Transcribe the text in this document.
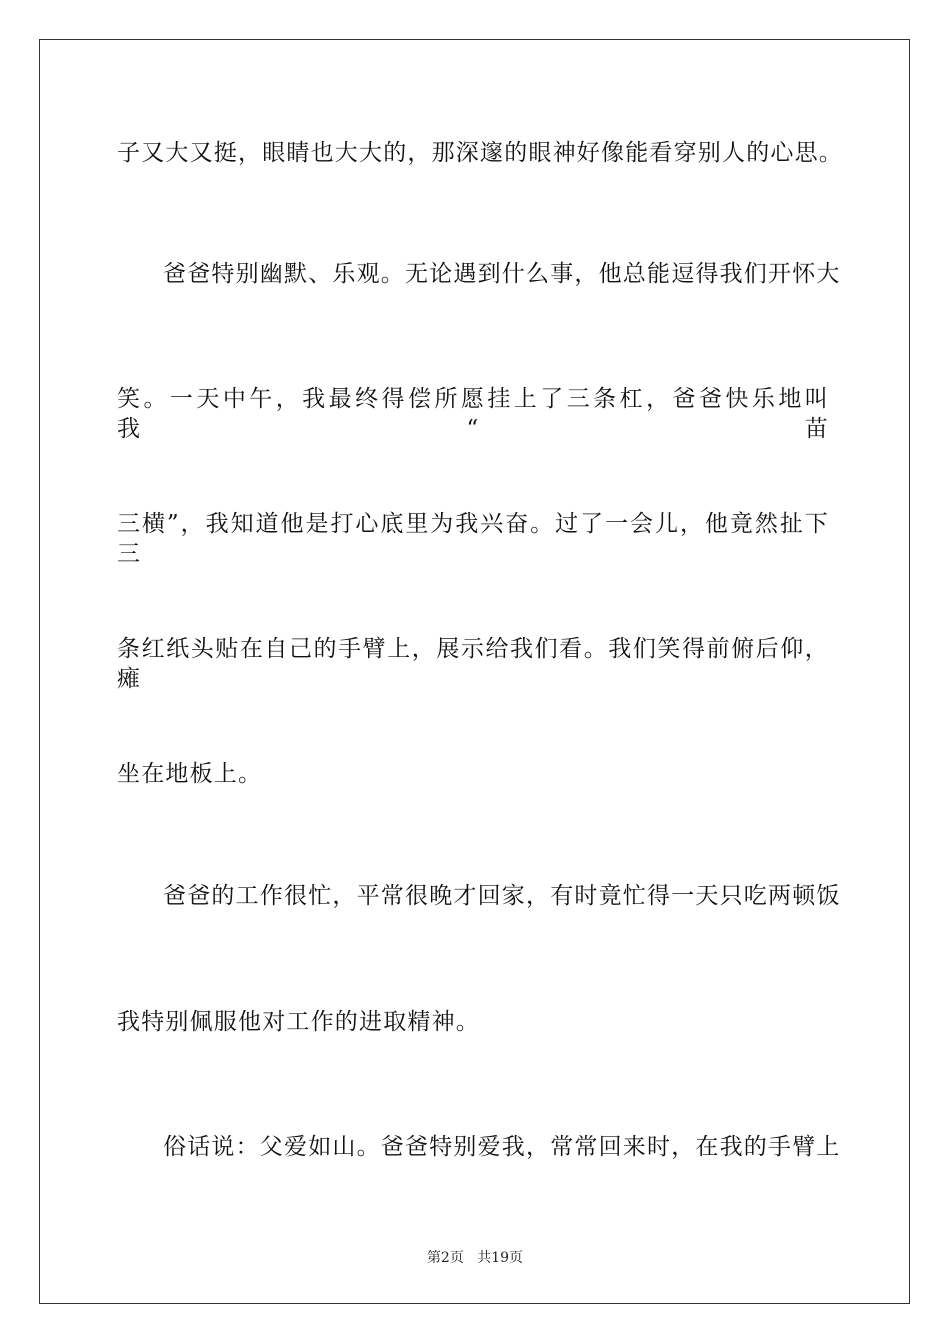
子又大又挺，眼睛也大大的，那深邃的眼神好像能看穿别人的心思。
爸爸特别幽默、乐观。无论遇到什么事，他总能逗得我们开怀大
笑。一天中午，我最终得偿所愿挂上了三条杠，爸爸快乐地叫我“苗
三横”，我知道他是打心底里为我兴奋。过了一会儿，他竟然扯下三
条红纸头贴在自己的手臂上，展示给我们看。我们笑得前俯后仰，瘫
坐在地板上。
爸爸的工作很忙，平常很晚才回家，有时竟忙得一天只吃两顿饭
我特别佩服他对工作的进取精神。
俗话说：父爱如山。爸爸特别爱我，常常回来时，在我的手臂上
第2页 共19页
